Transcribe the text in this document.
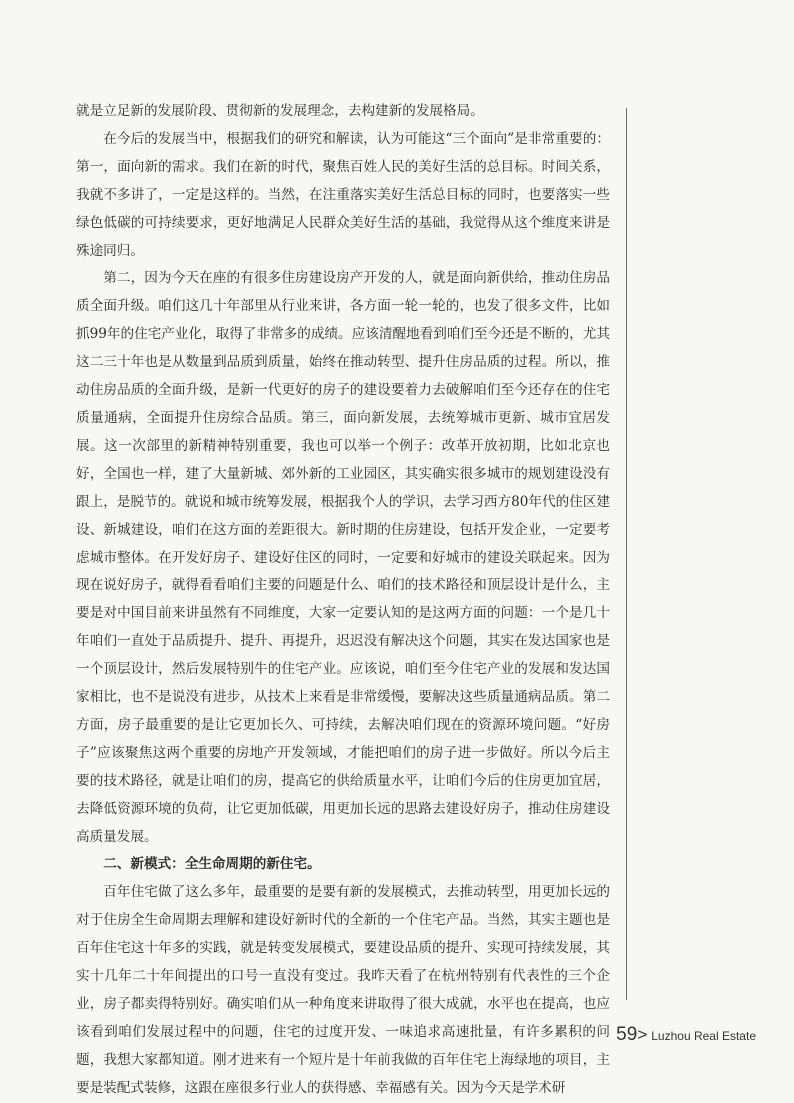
就是立足新的发展阶段、贯彻新的发展理念，去构建新的发展格局。

在今后的发展当中，根据我们的研究和解读，认为可能这“三个面向”是非常重要的：第一，面向新的需求。我们在新的时代，聚焦百姓人民的美好生活的总目标。时间关系，我就不多讲了，一定是这样的。当然，在注重落实美好生活总目标的同时，也要落实一些绿色低碳的可持续要求，更好地满足人民群众美好生活的基础，我觉得从这个维度来讲是殊途同归。

第二，因为今天在座的有很多住房建设房产开发的人，就是面向新供给，推动住房品质全面升级。咱们这几十年部里从行业来讲，各方面一轮一轮的，也发了很多文件，比如抓99年的住宅产业化，取得了非常多的成绩。应该清醒地看到咱们至今还是不断的，尤其这二三十年也是从数量到品质到质量，始终在推动转型、提升住房品质的过程。所以，推动住房品质的全面升级，是新一代更好的房子的建设要着力去破解咱们至今还存在的住宅质量通病，全面提升住房综合品质。第三，面向新发展，去统筹城市更新、城市宜居发展。这一次部里的新精神特别重要，我也可以举一个例子：改革开放初期，比如北京也好，全国也一样，建了大量新城、郊外新的工业园区，其实确实很多城市的规划建设没有跟上，是脱节的。就说和城市统筹发展，根据我个人的学识，去学习西方80年代的住区建设、新城建设，咱们在这方面的差距很大。新时期的住房建设，包括开发企业，一定要考虑城市整体。在开发好房子、建设好住区的同时，一定要和好城市的建设关联起来。因为现在说好房子，就得看看咱们主要的问题是什么、咱们的技术路径和顶层设计是什么，主要是对中国目前来讲虽然有不同维度，大家一定要认知的是这两方面的问题：一个是几十年咱们一直处于品质提升、提升、再提升，迟迟没有解决这个问题，其实在发达国家也是一个顶层设计，然后发展特别牛的住宅产业。应该说，咱们至今住宅产业的发展和发达国家相比，也不是说没有进步，从技术上来看是非常缓慢，要解决这些质量通病品质。第二方面，房子最重要的是让它更加长久、可持续，去解决咱们现在的资源环境问题。“好房子”应该聚焦这两个重要的房地产开发领域，才能把咱们的房子进一步做好。所以今后主要的技术路径，就是让咱们的房，提高它的供给质量水平，让咱们今后的住房更加宜居，去降低资源环境的负荷，让它更加低碳，用更加长远的思路去建设好房子，推动住房建设高质量发展。

二、新模式：全生命周期的新住宅。

百年住宅做了这么多年，最重要的是要有新的发展模式，去推动转型，用更加长远的对于住房全生命周期去理解和建设好新时代的全新的一个住宅产品。当然，其实主题也是百年住宅这十年多的实践，就是转变发展模式，要建设品质的提升、实现可持续发展，其实十几年二十年间提出的口号一直没有变过。我昨天看了在杭州特别有代表性的三个企业，房子都卖得特别好。确实咱们从一种角度来讲取得了很大成就，水平也在提高，也应该看到咱们发展过程中的问题，住宅的过度开发、一味追求高速批量，有许多累积的问题，我想大家都知道。刚才进来有一个短片是十年前我做的百年住宅上海绿地的项目，主要是装配式装修，这跟在座很多行业人的获得感、幸福感有关。因为今天是学术研

59> Luzhou Real Estate
